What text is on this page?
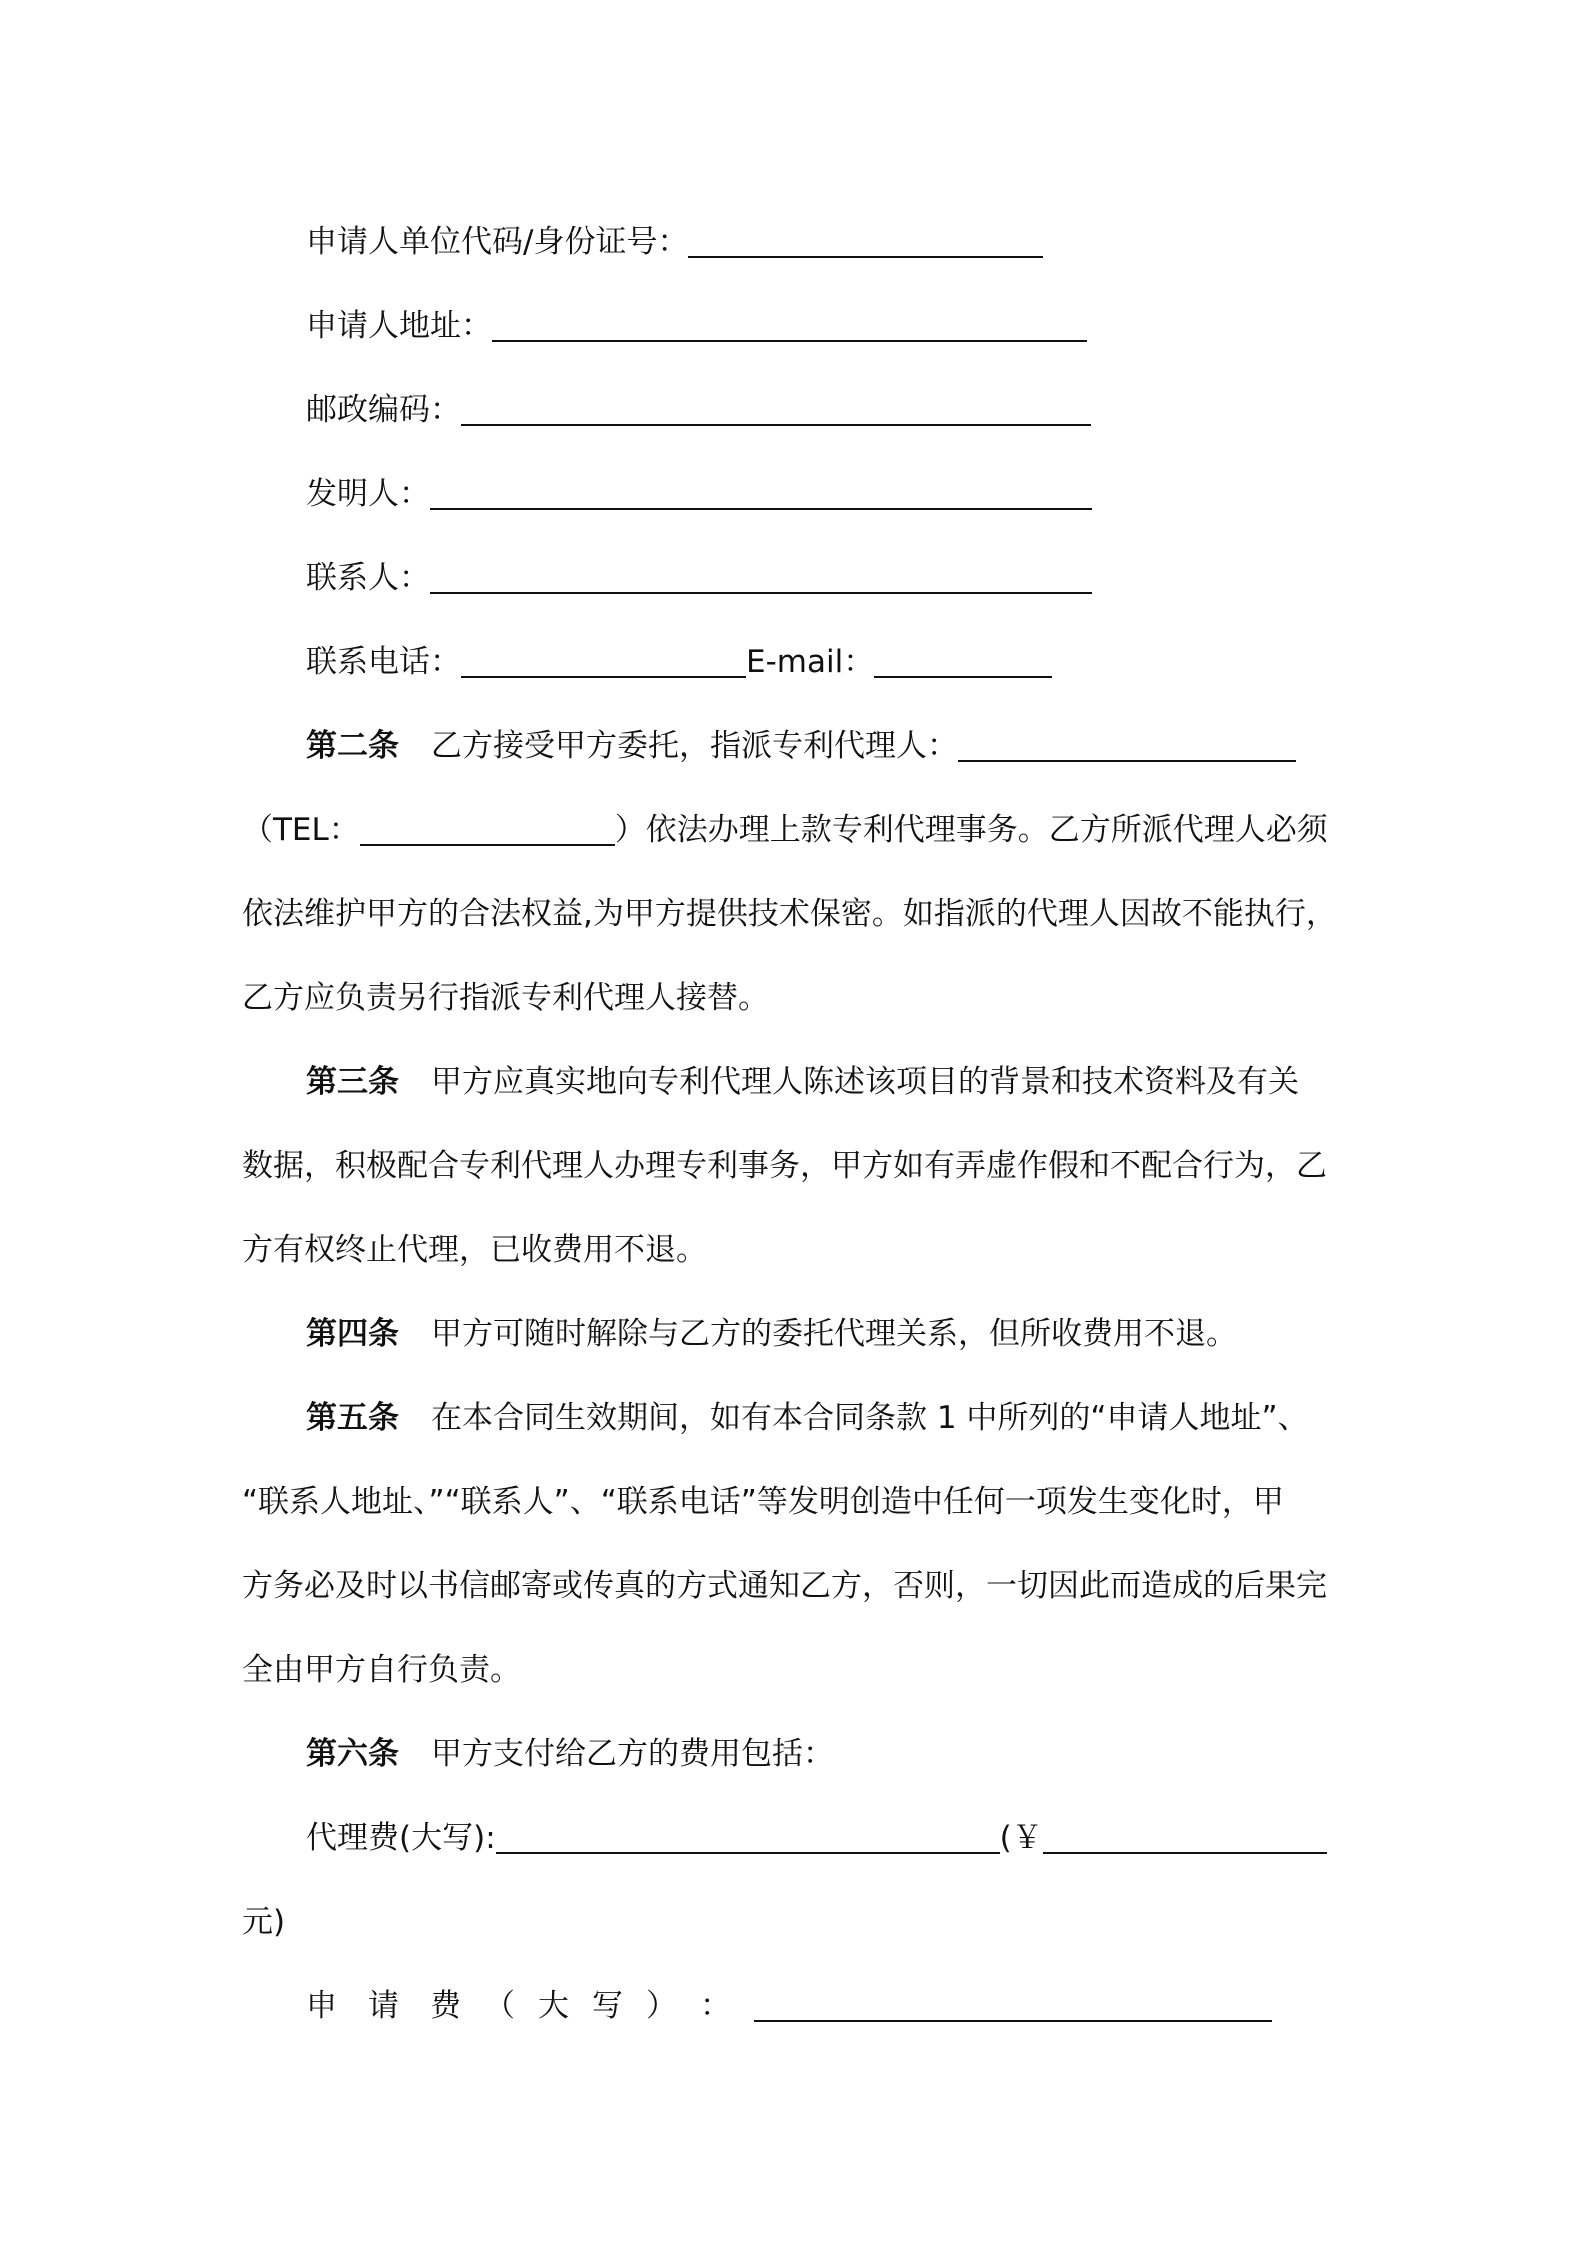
申请人单位代码/身份证号：
申请人地址：
邮政编码：
发明人：
联系人：
联系电话：	E-mail：
第二条 乙方接受甲方委托，指派专利代理人：
（TEL：	）依法办理上款专利代理事务。乙方所派代理人必须
依法维护甲方的合法权益,为甲方提供技术保密。如指派的代理人因故不能执行，
乙方应负责另行指派专利代理人接替。
第三条 甲方应真实地向专利代理人陈述该项目的背景和技术资料及有关
数据，积极配合专利代理人办理专利事务，甲方如有弄虚作假和不配合行为，乙
方有权终止代理，已收费用不退。
第四条 甲方可随时解除与乙方的委托代理关系，但所收费用不退。
第五条 在本合同生效期间，如有本合同条款 1 中所列的“申请人地址”、
“联系人地址、”“联系人”、“联系电话”等发明创造中任何一项发生变化时，甲
方务必及时以书信邮寄或传真的方式通知乙方，否则，一切因此而造成的后果完
全由甲方自行负责。
第六条 甲方支付给乙方的费用包括：
代理费(大写):	(￥
元)
申 请 费 （ 大 写 ） ：
